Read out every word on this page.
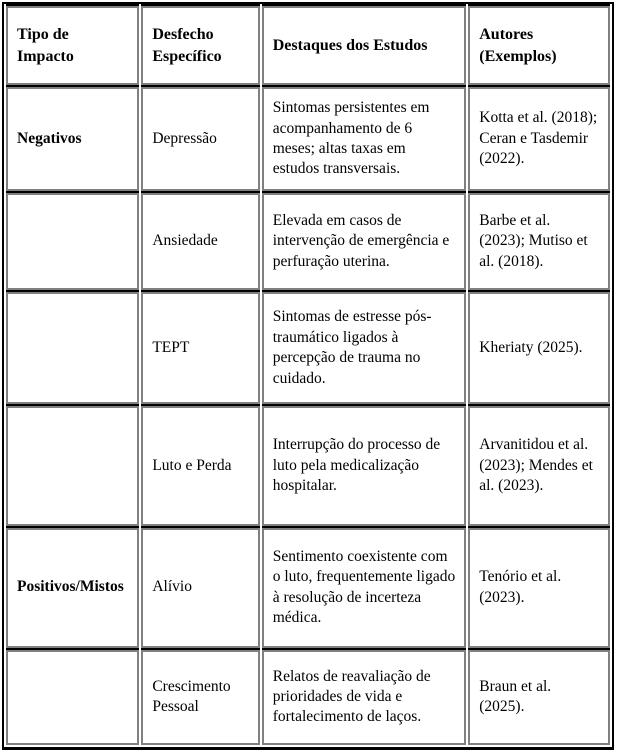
Tipo de Impacto	Desfecho Específico	Destaques dos Estudos	Autores (Exemplos)
Negativos	Depressão	Sintomas persistentes em acompanhamento de 6 meses; altas taxas em estudos transversais.	Kotta et al. (2018); Ceran e Tasdemir (2022).
	Ansiedade	Elevada em casos de intervenção de emergência e perfuração uterina.	Barbe et al. (2023); Mutiso et al. (2018).
	TEPT	Sintomas de estresse pós-traumático ligados à percepção de trauma no cuidado.	Kheriaty (2025).
	Luto e Perda	Interrupção do processo de luto pela medicalização hospitalar.	Arvanitidou et al. (2023); Mendes et al. (2023).
Positivos/Mistos	Alívio	Sentimento coexistente com o luto, frequentemente ligado à resolução de incerteza médica.	Tenório et al. (2023).
	Crescimento Pessoal	Relatos de reavaliação de prioridades de vida e fortalecimento de laços.	Braun et al. (2025).
